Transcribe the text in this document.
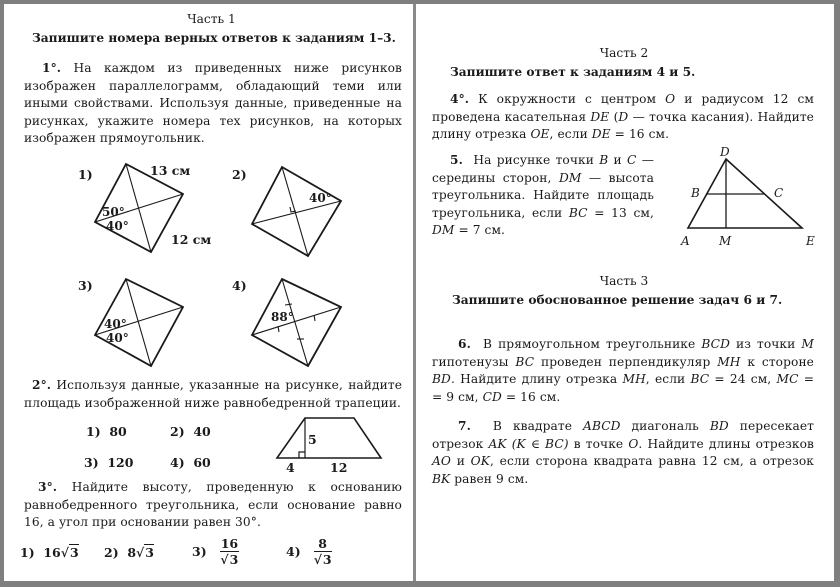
Часть 1
Запишите номера верных ответов к заданиям 1–3.
1°. На каждом из приведенных ниже рисунков изображен параллелограмм, обладающий теми или иными свойствами. Используя данные, приведенные на рисунках, укажите номера тех рисунков, на которых изображен прямоугольник.
1)	2)
3)	4)
13 см
12 см
50°
40°
40°
40°
40°
88°
2°. Используя данные, указанные на рисунке, найдите площадь изображенной ниже равнобедренной трапеции.
1) 80	2) 40
3) 120	4) 60
5
4	12
3°. Найдите высоту, проведенную к основанию равнобедренного треугольника, если основание равно 16, а угол при основании равен 30°.
1) 16√3 2) 8√3	$3) \frac{16}{√3}$	$4) \frac{8}{√3}$
Часть 2
Запишите ответ к заданиям 4 и 5.
4°. К окружности с центром O и радиусом 12 см проведена касательная DE (D — точка касания). Найдите длину отрезка OE, если DE = 16 см.
5. На рисунке точки B и C — середины сторон, DM — высота треугольника. Найдите площадь треугольника, если BC = 13 см, DM = 7 см.
D
B	C
A M	E
Часть 3
Запишите обоснованное решение задач 6 и 7.
6. В прямоугольном треугольнике BCD из точки M гипотенузы BC проведен перпендикуляр MH к стороне BD. Найдите длину отрезка MH, если BC = 24 см, MC = = 9 см, CD = 16 см.
7. В квадрате ABCD диагональ BD пересекает отрезок AK (K ∈ BC) в точке O. Найдите длины отрезков AO и OK, если сторона квадрата равна 12 см, а отрезок BK равен 9 см.
